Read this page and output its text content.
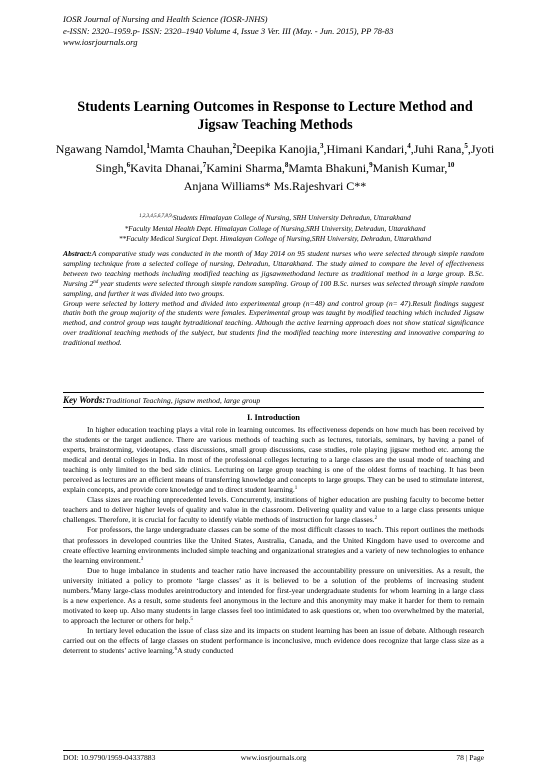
IOSR Journal of Nursing and Health Science (IOSR-JNHS)
e-ISSN: 2320–1959.p- ISSN: 2320–1940 Volume 4, Issue 3 Ver. III (May. - Jun. 2015), PP 78-83
www.iosrjournals.org
Students Learning Outcomes in Response to Lecture Method and
Jigsaw Teaching Methods
Ngawang Namdol,$^1$Mamta Chauhan,$^2$Deepika Kanojia,$^3$,Himani Kandari,$^4$,Juhi Rana,$^5$,Jyoti Singh,$^6$Kavita Dhanai,$^7$Kamini Sharma,$^8$Mamta Bhakuni,$^9$Manish Kumar,$^{10}$
Anjana Williams* Ms.Rajeshvari C**
$^{1,2,3,4,5,6,7,8,9,}$Students Himalayan College of Nursing, SRH University Dehradun, Uttarakhand
*Faculty Mental Health Dept. Himalayan College of Nursing,SRH University, Dehradun, Uttarakhand
**Faculty Medical Surgical Dept. Himalayan College of Nursing,SRH University, Dehradun, Uttarakhand

Abstract:A comparative study was conducted in the month of May 2014 on 95 student nurses who were selected through simple random sampling technique from a selected college of nursing, Dehradun, Uttarakhand. The study aimed to compare the level of effectiveness between two teaching methods including modified teaching as jigsawmethodand lecture as traditional method in a large group. B.Sc. Nursing 2nd year students were selected through simple random sampling. Group of 100 B.Sc. nurses was selected through simple random sampling, and further it was divided into two groups.

Group were selected by lottery method and divided into experimental group (n=48) and control group (n= 47).Result findings suggest thatin both the group majority of the students were females. Experimental group was taught by modified teaching which included Jigsaw method, and control group was taught bytraditional teaching. Although the active learning approach does not show statical significance over traditional teaching methods of the subject, but students find the modified teaching more interesting and innovative comparing to traditional method.

Key Words:Traditional Teaching, jigsaw method, large group
I. Introduction

In higher education teaching plays a vital role in learning outcomes. Its effectiveness depends on how much has been received by the students or the target audience. There are various methods of teaching such as lectures, tutorials, seminars, by having a panel of experts, brainstorming, videotapes, class discussions, small group discussions, case studies, role playing jigsaw method etc. among the medical and dental colleges in India. In most of the professional colleges lecturing to a large classes are the usual mode of teaching and teaching is only limited to the bed side clinics. Lecturing on large group teaching is one of the oldest forms of teaching. It has been perceived as lectures are an efficient means of transferring knowledge and concepts to large groups. They can be used to stimulate interest, explain concepts, and provide core knowledge and to direct student learning.$^1$

Class sizes are reaching unprecedented levels. Concurrently, institutions of higher education are pushing faculty to become better teachers and to deliver higher levels of quality and value in the classroom. Delivering quality and value to a large class presents unique challenges. Therefore, it is crucial for faculty to identify viable methods of instruction for large classes.$^2$

For professors, the large undergraduate classes can be some of the most difficult classes to teach. This report outlines the methods that professors in developed countries like the United States, Australia, Canada, and the United Kingdom have used to overcome and create effective learning environments included simple teaching and organizational strategies and a variety of new technologies to enhance the learning environment.$^3$

Due to huge imbalance in students and teacher ratio have increased the accountability pressure on universities. As a result, the university initiated a policy to promote ‘large classes’ as it is believed to be a solution of the problems of increasing student numbers.$^4$Many large-class modules areintroductory and intended for first-year undergraduate students for whom learning in a large class is a new experience. As a result, some students feel anonymous in the lecture and this anonymity may make it harder for them to remain motivated to keep up. Also many students in large classes feel too intimidated to ask questions or, when too overwhelmed by the material, to approach the lecturer or others for help.$^5$

In tertiary level education the issue of class size and its impacts on student learning has been an issue of debate. Although research carried out on the effects of large classes on student performance is inconclusive, much evidence does recognize that large class size as a deterrent to students’ active learning.$^6$A study conducted

DOI: 10.9790/1959-04337883	www.iosrjournals.org	78 | Page
